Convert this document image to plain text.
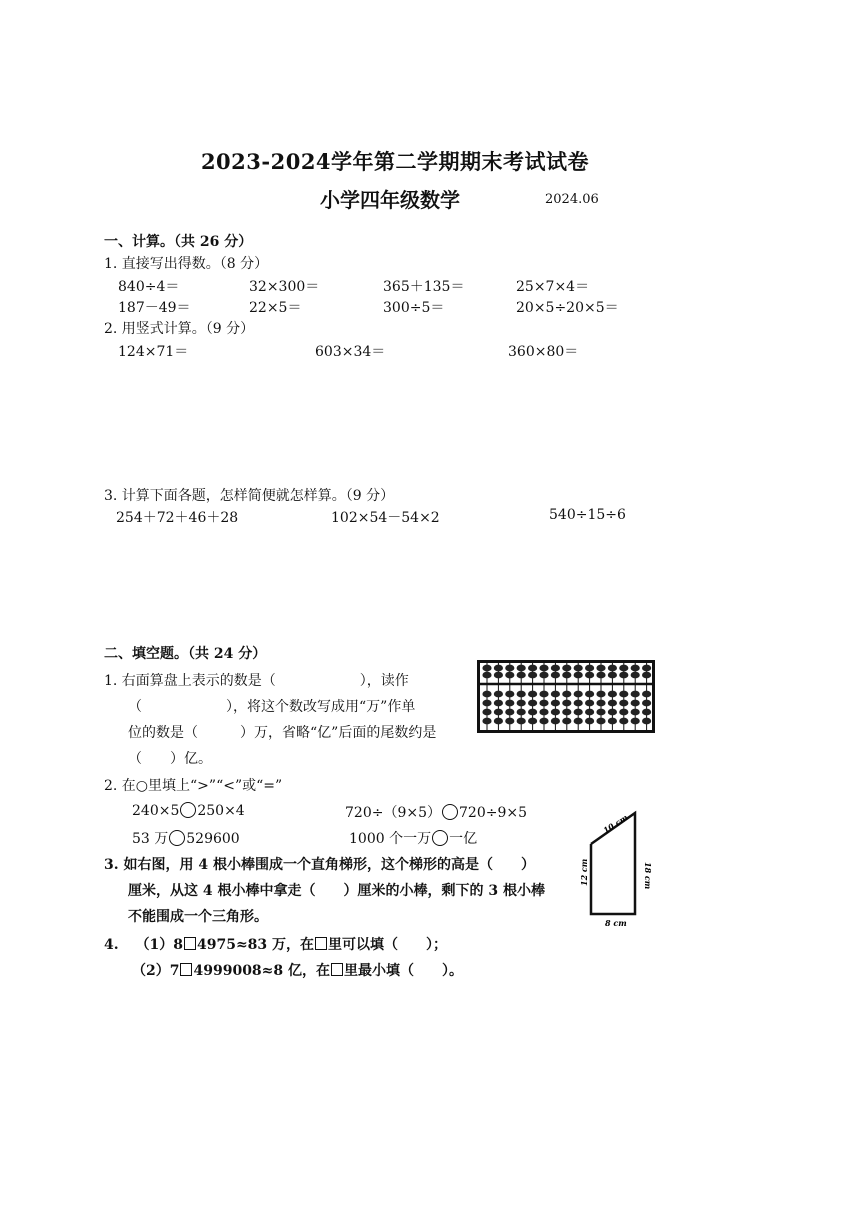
2023-2024学年第二学期期末考试试卷
小学四年级数学	2024.06
一、计算。（共 26 分）
1. 直接写出得数。（8 分）
840÷4＝	32×300＝	365＋135＝	25×7×4＝
187－49＝	22×5＝	300÷5＝	20×5÷20×5＝
2. 用竖式计算。（9 分）
124×71＝	603×34＝	360×80＝
3. 计算下面各题，怎样简便就怎样算。（9 分）
254＋72＋46＋28	102×54－54×2	540÷15÷6
二、填空题。（共 24 分）
1. 右面算盘上表示的数是（　　　　　　），读作
（　　　　　　），将这个数改写成用“万”作单
位的数是（　　　）万，省略“亿”后面的尾数约是
（　　）亿。
2. 在○里填上“>”“<”或“=”
240×5 250×4	720÷（9×5） 720÷9×5
53 万 529600	1000 个一万 一亿
3. 如右图，用 4 根小棒围成一个直角梯形，这个梯形的高是（　　）
厘米，从这 4 根小棒中拿走（　　）厘米的小棒，剩下的 3 根小棒
不能围成一个三角形。
10 cm
12 cm	18 cm
8 cm
4. （1）8 4975≈83 万，在 里可以填（　　）；
（2）7 4999008≈8 亿，在 里最小填（　　）。
